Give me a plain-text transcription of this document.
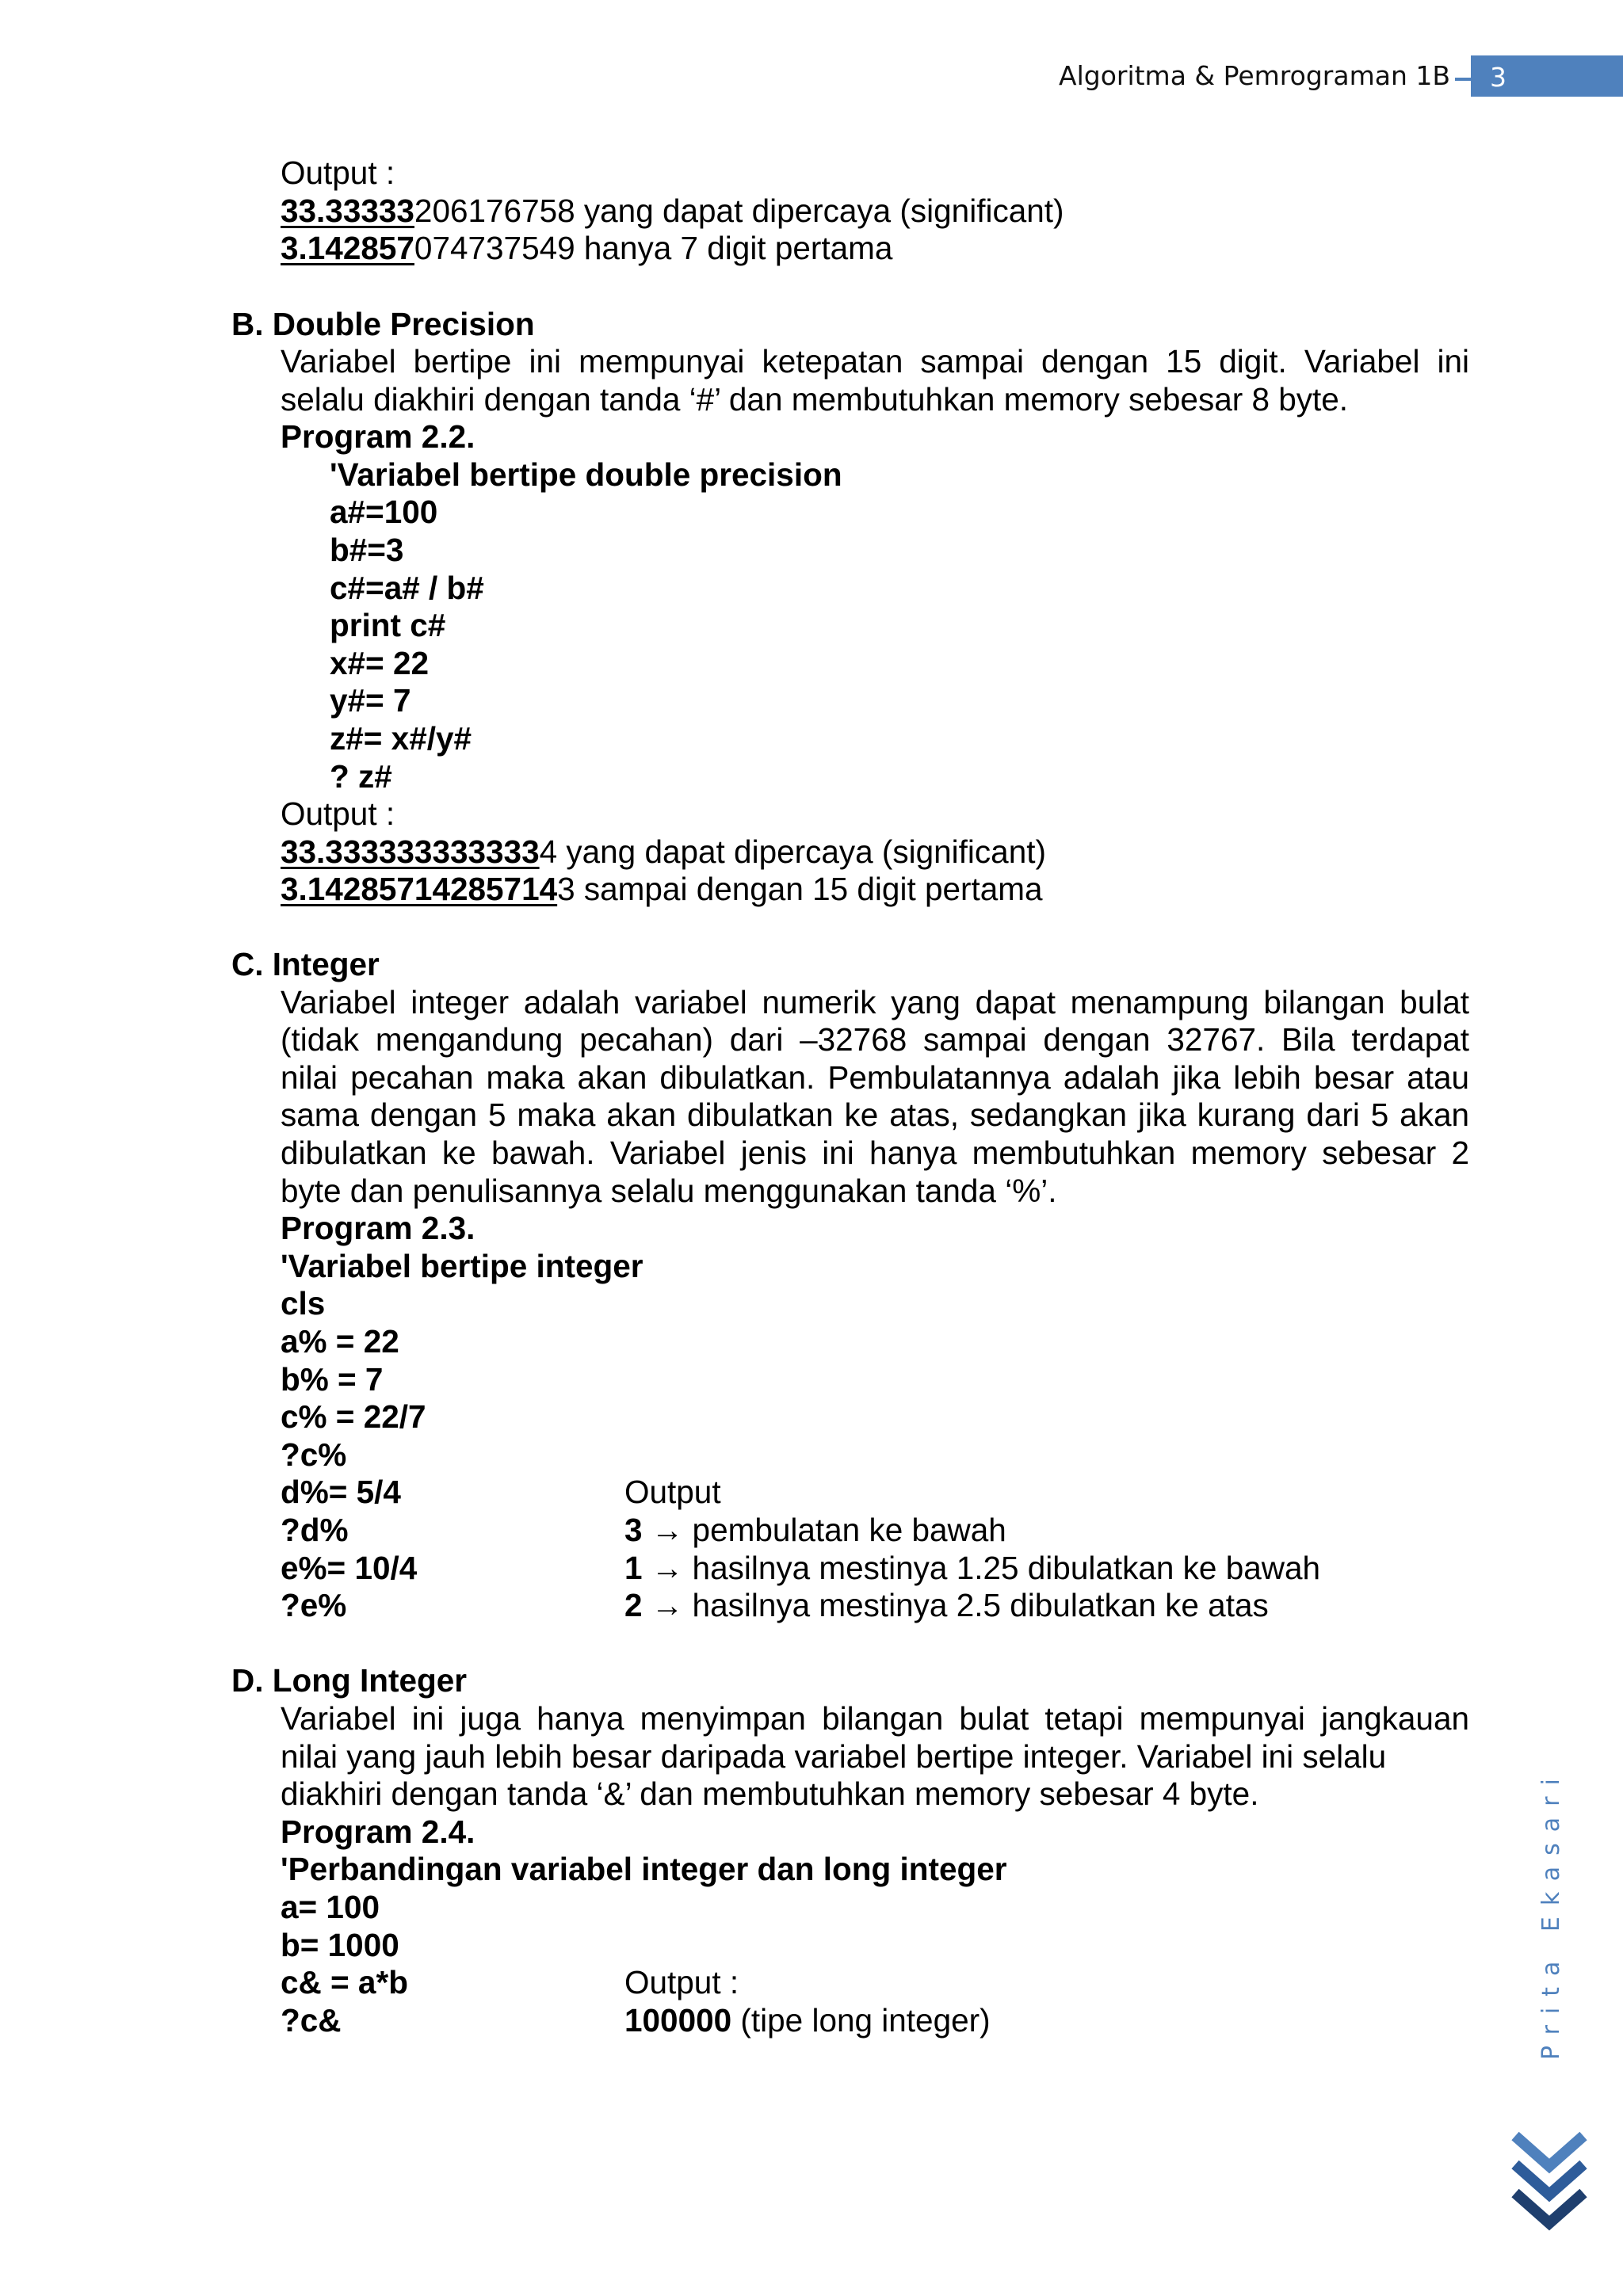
Algoritma & Pemrograman 1B 3
Output :
33.33333206176758 yang dapat dipercaya (significant)
3.142857074737549 hanya 7 digit pertama
B. Double Precision
Variabel bertipe ini mempunyai ketepatan sampai dengan 15 digit. Variabel ini
selalu diakhiri dengan tanda ‘#’ dan membutuhkan memory sebesar 8 byte.
Program 2.2.
'Variabel bertipe double precision
a#=100
b#=3
c#=a# / b#
print c#
x#= 22
y#= 7
z#= x#/y#
? z#
Output :
33.3333333333334 yang dapat dipercaya (significant)
3.142857142857143 sampai dengan 15 digit pertama
C. Integer
Variabel integer adalah variabel numerik yang dapat menampung bilangan bulat
(tidak mengandung pecahan) dari –32768 sampai dengan 32767. Bila terdapat
nilai pecahan maka akan dibulatkan. Pembulatannya adalah jika lebih besar atau
sama dengan 5 maka akan dibulatkan ke atas, sedangkan jika kurang dari 5 akan
dibulatkan ke bawah. Variabel jenis ini hanya membutuhkan memory sebesar 2
byte dan penulisannya selalu menggunakan tanda ‘%’.
Program 2.3.
'Variabel bertipe integer
cls
a% = 22
b% = 7
c% = 22/7
?c%
d%= 5/4
?d%
e%= 10/4
?e%
Output
3 → pembulatan ke bawah
1 → hasilnya mestinya 1.25 dibulatkan ke bawah
2 → hasilnya mestinya 2.5 dibulatkan ke atas
D. Long Integer
Variabel ini juga hanya menyimpan bilangan bulat tetapi mempunyai jangkauan
nilai yang jauh lebih besar daripada variabel bertipe integer. Variabel ini selalu
diakhiri dengan tanda ‘&’ dan membutuhkan memory sebesar 4 byte.
Program 2.4.
'Perbandingan variabel integer dan long integer
a= 100
b= 1000
c& = a*b
?c&
Output :
100000 (tipe long integer)	Prita Ekasari
